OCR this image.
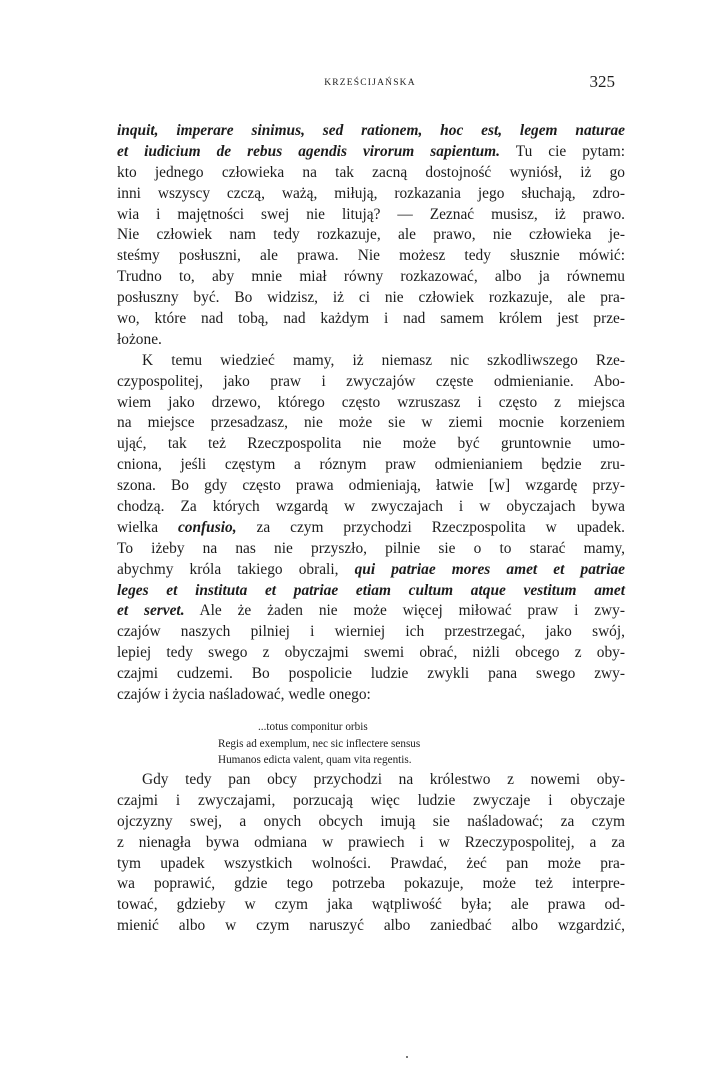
KRZEŚCIJAŃSKA	325
inquit, imperare sinimus, sed rationem, hoc est, legem naturae
et iudicium de rebus agendis virorum sapientum. Tu cie pytam:
kto jednego człowieka na tak zacną dostojność wyniósł, iż go
inni wszyscy czczą, ważą, miłują, rozkazania jego słuchają, zdro-
wia i majętności swej nie litują? — Zeznać musisz, iż prawo.
Nie człowiek nam tedy rozkazuje, ale prawo, nie człowieka je-
steśmy posłuszni, ale prawa. Nie możesz tedy słusznie mówić:
Trudno to, aby mnie miał równy rozkazować, albo ja równemu
posłuszny być. Bo widzisz, iż ci nie człowiek rozkazuje, ale pra-
wo, które nad tobą, nad każdym i nad samem królem jest prze-
łożone.
K temu wiedzieć mamy, iż niemasz nic szkodliwszego Rze-
czypospolitej, jako praw i zwyczajów częste odmienianie. Abo-
wiem jako drzewo, którego często wzruszasz i często z miejsca
na miejsce przesadzasz, nie może sie w ziemi mocnie korzeniem
ująć, tak też Rzeczpospolita nie może być gruntownie umo-
cniona, jeśli częstym a róznym praw odmienianiem będzie zru-
szona. Bo gdy często prawa odmieniają, łatwie [w] wzgardę przy-
chodzą. Za których wzgardą w zwyczajach i w obyczajach bywa
wielka confusio, za czym przychodzi Rzeczpospolita w upadek.
To iżeby na nas nie przyszło, pilnie sie o to starać mamy,
abychmy króla takiego obrali, qui patriae mores amet et patriae
leges et instituta et patriae etiam cultum atque vestitum amet
et servet. Ale że żaden nie może więcej miłować praw i zwy-
czajów naszych pilniej i wierniej ich przestrzegać, jako swój,
lepiej tedy swego z obyczajmi swemi obrać, niżli obcego z oby-
czajmi cudzemi. Bo pospolicie ludzie zwykli pana swego zwy-
czajów i życia naśladować, wedle onego:
...totus componitur orbis
Regis ad exemplum, nec sic inflectere sensus
Humanos edicta valent, quam vita regentis.
Gdy tedy pan obcy przychodzi na królestwo z nowemi oby-
czajmi i zwyczajami, porzucają więc ludzie zwyczaje i obyczaje
ojczyzny swej, a onych obcych imują sie naśladować; za czym
z nienagła bywa odmiana w prawiech i w Rzeczypospolitej, a za
tym upadek wszystkich wolności. Prawdać, żeć pan może pra-
wa poprawić, gdzie tego potrzeba pokazuje, może też interpre-
tować, gdzieby w czym jaka wątpliwość była; ale prawa od-
mienić albo w czym naruszyć albo zaniedbać albo wzgardzić,
